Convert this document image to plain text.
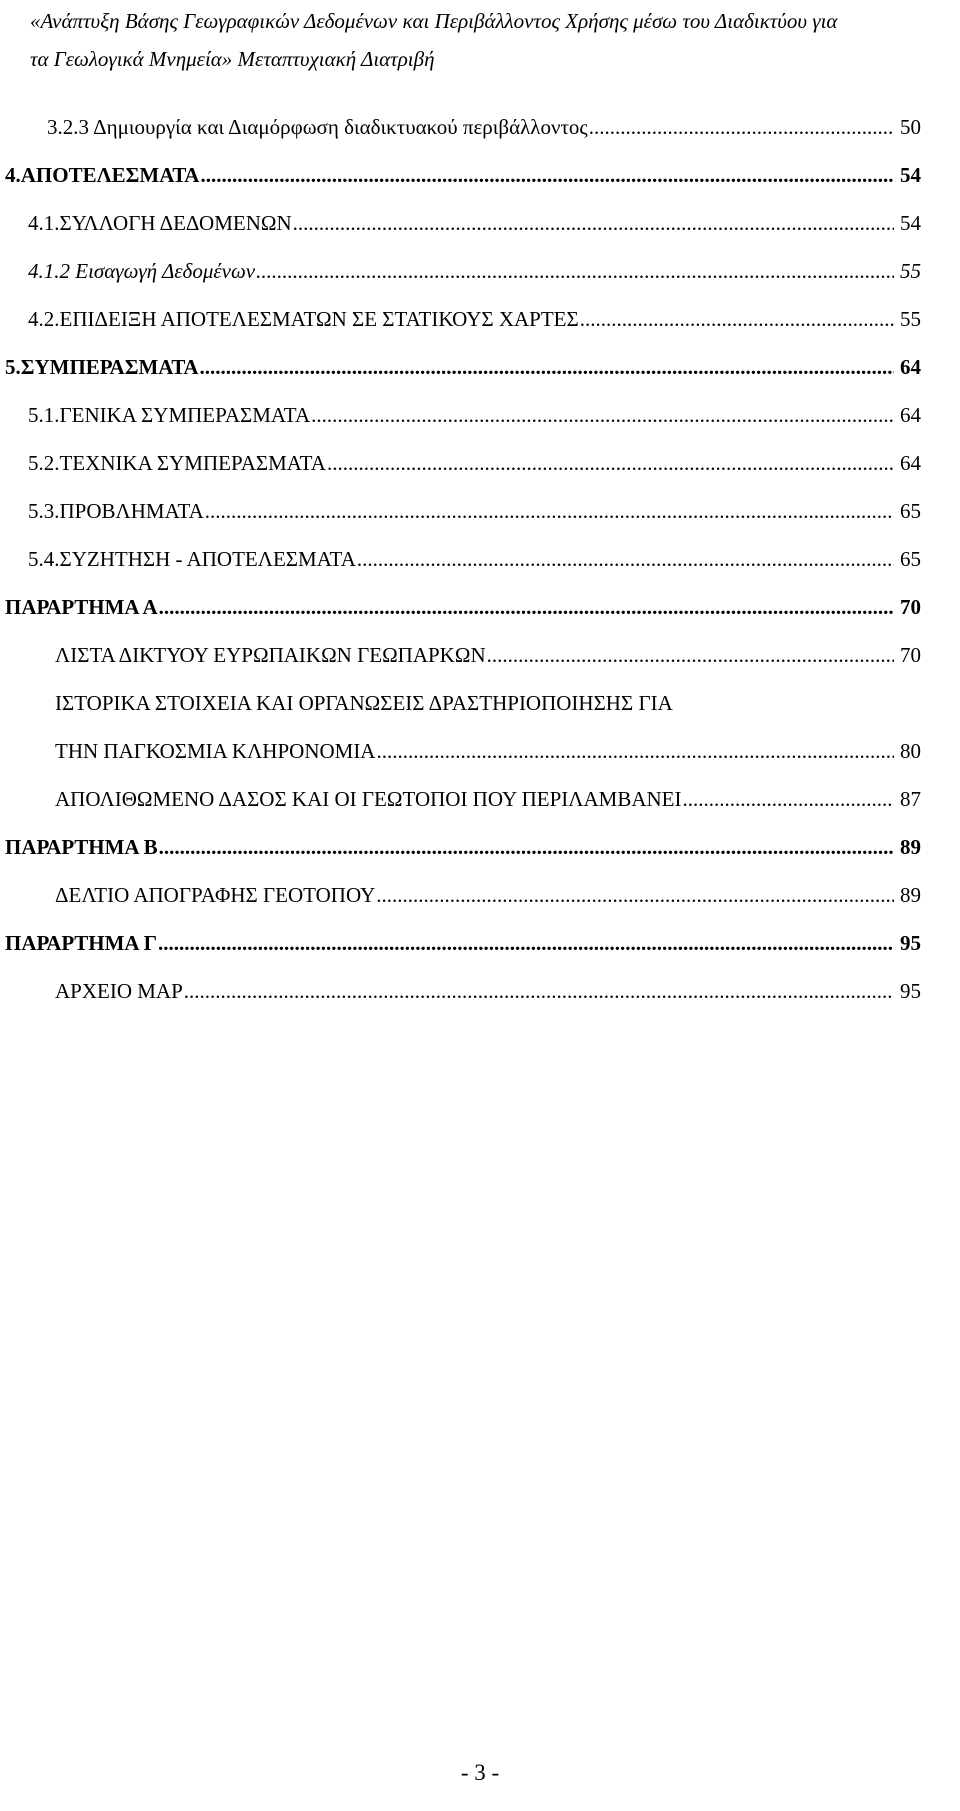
«Ανάπτυξη Βάσης Γεωγραφικών Δεδομένων και Περιβάλλοντος Χρήσης μέσω του Διαδικτύου για
τα Γεωλογικά Μνημεία» Μεταπτυχιακή Διατριβή
3.2.3 Δημιουργία και Διαμόρφωση διαδικτυακού περιβάλλοντος .....	50
4.ΑΠΟΤΕΛΕΣΜΑΤΑ .....	54
4.1.ΣΥΛΛΟΓΗ ΔΕΔΟΜΕΝΩΝ .....	54
4.1.2 Εισαγωγή Δεδομένων .....	55
4.2.ΕΠΙΔΕΙΞΗ ΑΠΟΤΕΛΕΣΜΑΤΩΝ ΣΕ ΣΤΑΤΙΚΟΥΣ ΧΑΡΤΕΣ .....	55
5.ΣΥΜΠΕΡΑΣΜΑΤΑ .....	64
5.1.ΓΕΝΙΚΑ ΣΥΜΠΕΡΑΣΜΑΤΑ .....	64
5.2.ΤΕΧΝΙΚΑ ΣΥΜΠΕΡΑΣΜΑΤΑ .....	64
5.3.ΠΡΟΒΛΗΜΑΤΑ .....	65
5.4.ΣΥΖΗΤΗΣΗ - ΑΠΟΤΕΛΕΣΜΑΤΑ .....	65
ΠΑΡΑΡΤΗΜΑ Α .....	70
ΛΙΣΤΑ ΔΙΚΤΥΟΥ ΕΥΡΩΠΑΙΚΩΝ ΓΕΩΠΑΡΚΩΝ .....	70
ΙΣΤΟΡΙΚΑ ΣΤΟΙΧΕΙΑ ΚΑΙ ΟΡΓΑΝΩΣΕΙΣ ΔΡΑΣΤΗΡΙΟΠΟΙΗΣΗΣ ΓΙΑ
ΤΗΝ ΠΑΓΚΟΣΜΙΑ ΚΛΗΡΟΝΟΜΙΑ .....	80
ΑΠΟΛΙΘΩΜΕΝΟ ΔΑΣΟΣ ΚΑΙ ΟΙ ΓΕΩΤΟΠΟΙ ΠΟΥ ΠΕΡΙΛΑΜΒΑΝΕΙ .....	87
ΠΑΡΑΡΤΗΜΑ Β .....	89
ΔΕΛΤΙΟ ΑΠΟΓΡΑΦΗΣ ΓΕΟΤΟΠΟΥ .....	89
ΠΑΡΑΡΤΗΜΑ Γ .....	95
ΑΡΧΕΙΟ MAP .....	95
- 3 -
